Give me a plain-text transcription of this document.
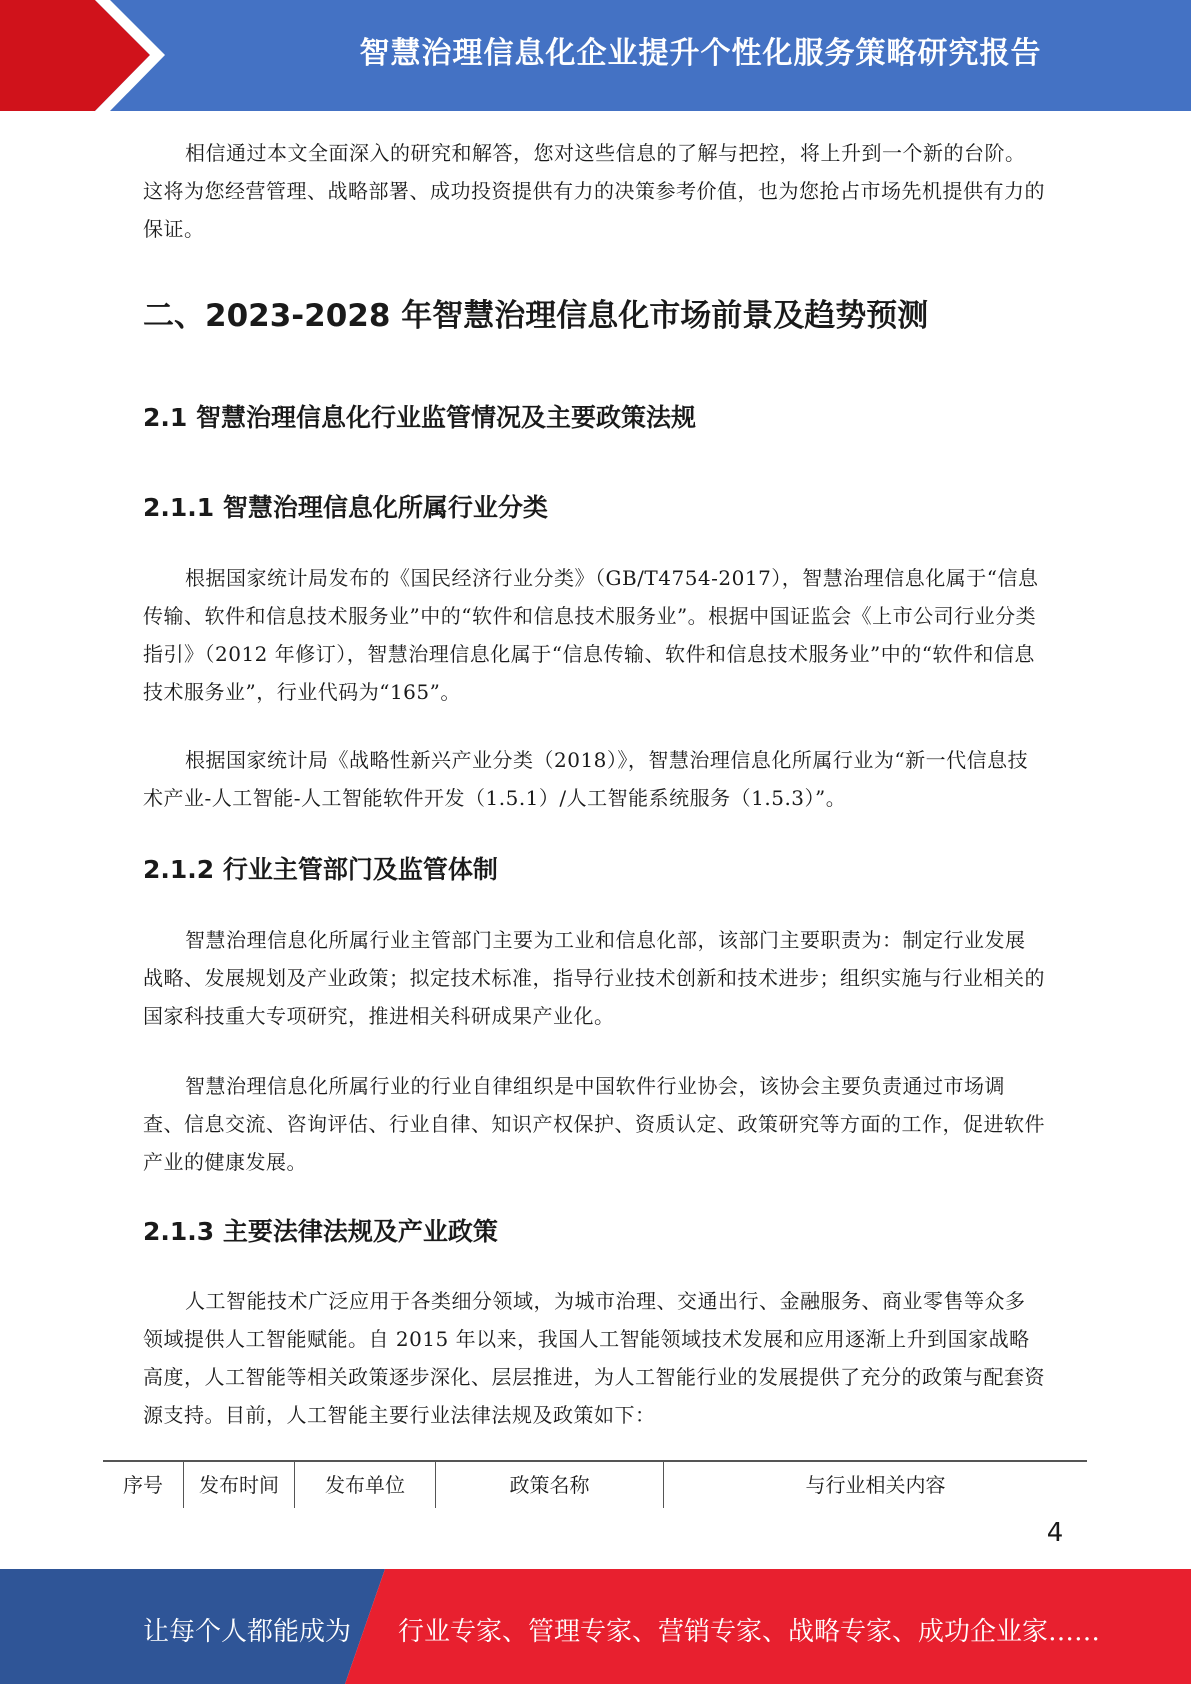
智慧治理信息化企业提升个性化服务策略研究报告

相信通过本文全面深入的研究和解答，您对这些信息的了解与把控，将上升到一个新的台阶。这将为您经营管理、战略部署、成功投资提供有力的决策参考价值，也为您抢占市场先机提供有力的保证。

二、2023-2028 年智慧治理信息化市场前景及趋势预测
2.1 智慧治理信息化行业监管情况及主要政策法规
2.1.1 智慧治理信息化所属行业分类

根据国家统计局发布的《国民经济行业分类》（GB/T4754-2017），智慧治理信息化属于“信息传输、软件和信息技术服务业”中的“软件和信息技术服务业”。根据中国证监会《上市公司行业分类指引》（2012 年修订），智慧治理信息化属于“信息传输、软件和信息技术服务业”中的“软件和信息技术服务业”，行业代码为“165”。

根据国家统计局《战略性新兴产业分类（2018）》，智慧治理信息化所属行业为“新一代信息技术产业-人工智能-人工智能软件开发（1.5.1）/人工智能系统服务（1.5.3）”。

2.1.2 行业主管部门及监管体制

智慧治理信息化所属行业主管部门主要为工业和信息化部，该部门主要职责为：制定行业发展战略、发展规划及产业政策；拟定技术标准，指导行业技术创新和技术进步；组织实施与行业相关的国家科技重大专项研究，推进相关科研成果产业化。

智慧治理信息化所属行业的行业自律组织是中国软件行业协会，该协会主要负责通过市场调查、信息交流、咨询评估、行业自律、知识产权保护、资质认定、政策研究等方面的工作，促进软件产业的健康发展。

2.1.3 主要法律法规及产业政策

人工智能技术广泛应用于各类细分领域，为城市治理、交通出行、金融服务、商业零售等众多领域提供人工智能赋能。自 2015 年以来，我国人工智能领域技术发展和应用逐渐上升到国家战略高度，人工智能等相关政策逐步深化、层层推进，为人工智能行业的发展提供了充分的政策与配套资源支持。目前，人工智能主要行业法律法规及政策如下：

序号	发布时间	发布单位	政策名称	与行业相关内容
4
让每个人都能成为 行业专家、管理专家、营销专家、战略专家、成功企业家……
